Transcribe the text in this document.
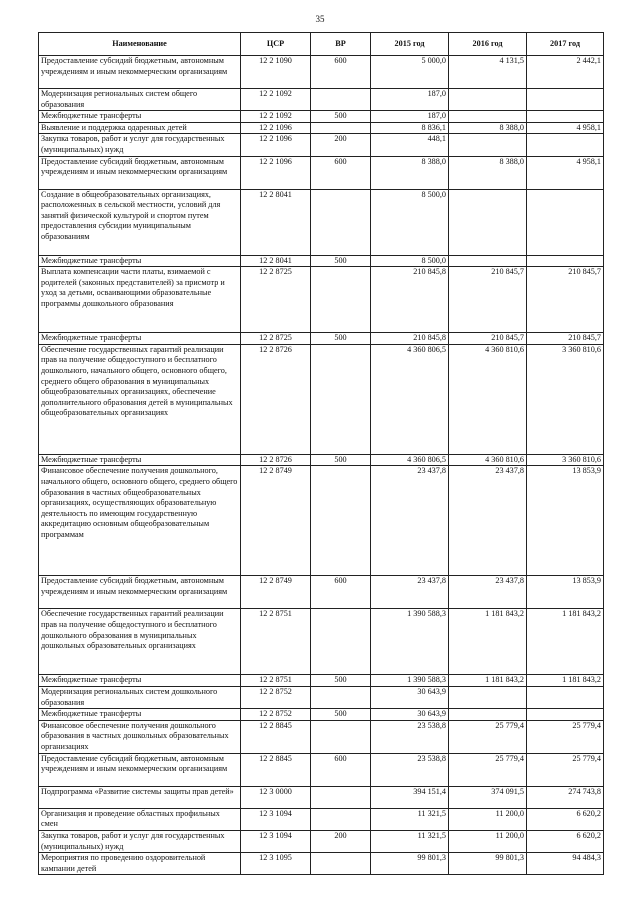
35
Наименование	ЦСР	ВР	2015 год	2016 год	2017 год
Предоставление субсидий бюджетным, автономным учреждениям и иным некоммерческим организациям	12 2 1090	600	5 000,0	4 131,5	2 442,1
Модернизация региональных систем общего образования	12 2 1092		187,0		
Межбюджетные трансферты	12 2 1092	500	187,0		
Выявление и поддержка одаренных детей	12 2 1096		8 836,1	8 388,0	4 958,1
Закупка товаров, работ и услуг для государственных (муниципальных) нужд	12 2 1096	200	448,1		
Предоставление субсидий бюджетным, автономным учреждениям и иным некоммерческим организациям	12 2 1096	600	8 388,0	8 388,0	4 958,1
Создание в общеобразовательных организациях, расположенных в сельской местности, условий для занятий физической культурой и спортом путем предоставления субсидии муниципальным образованиям	12 2 8041		8 500,0		
Межбюджетные трансферты	12 2 8041	500	8 500,0		
Выплата компенсации части платы, взимаемой с родителей (законных представителей) за присмотр и уход за детьми, осваивающими образовательные программы дошкольного образования	12 2 8725		210 845,8	210 845,7	210 845,7
Межбюджетные трансферты	12 2 8725	500	210 845,8	210 845,7	210 845,7
Обеспечение государственных гарантий реализации прав на получение общедоступного и бесплатного дошкольного, начального общего, основного общего, среднего общего образования в муниципальных общеобразовательных организациях, обеспечение дополнительного образования детей в муниципальных общеобразовательных организациях	12 2 8726		4 360 806,5	4 360 810,6	3 360 810,6
Межбюджетные трансферты	12 2 8726	500	4 360 806,5	4 360 810,6	3 360 810,6
Финансовое обеспечение получения дошкольного, начального общего, основного общего, среднего общего образования в частных общеобразовательных организациях, осуществляющих образовательную деятельность по имеющим государственную аккредитацию основным общеобразовательным программам	12 2 8749		23 437,8	23 437,8	13 853,9
Предоставление субсидий бюджетным, автономным учреждениям и иным некоммерческим организациям	12 2 8749	600	23 437,8	23 437,8	13 853,9
Обеспечение государственных гарантий реализации прав на получение общедоступного и бесплатного дошкольного образования в муниципальных дошкольных образовательных организациях	12 2 8751		1 390 588,3	1 181 843,2	1 181 843,2
Межбюджетные трансферты	12 2 8751	500	1 390 588,3	1 181 843,2	1 181 843,2
Модернизация региональных систем дошкольного образования	12 2 8752		30 643,9		
Межбюджетные трансферты	12 2 8752	500	30 643,9		
Финансовое обеспечение получения дошкольного образования в частных дошкольных образовательных организациях	12 2 8845		23 538,8	25 779,4	25 779,4
Предоставление субсидий бюджетным, автономным учреждениям и иным некоммерческим организациям	12 2 8845	600	23 538,8	25 779,4	25 779,4
Подпрограмма «Развитие системы защиты прав детей»	12 3 0000		394 151,4	374 091,5	274 743,8
Организация и проведение областных профильных смен	12 3 1094		11 321,5	11 200,0	6 620,2
Закупка товаров, работ и услуг для государственных (муниципальных) нужд	12 3 1094	200	11 321,5	11 200,0	6 620,2
Мероприятия по проведению оздоровительной кампании детей	12 3 1095		99 801,3	99 801,3	94 484,3
